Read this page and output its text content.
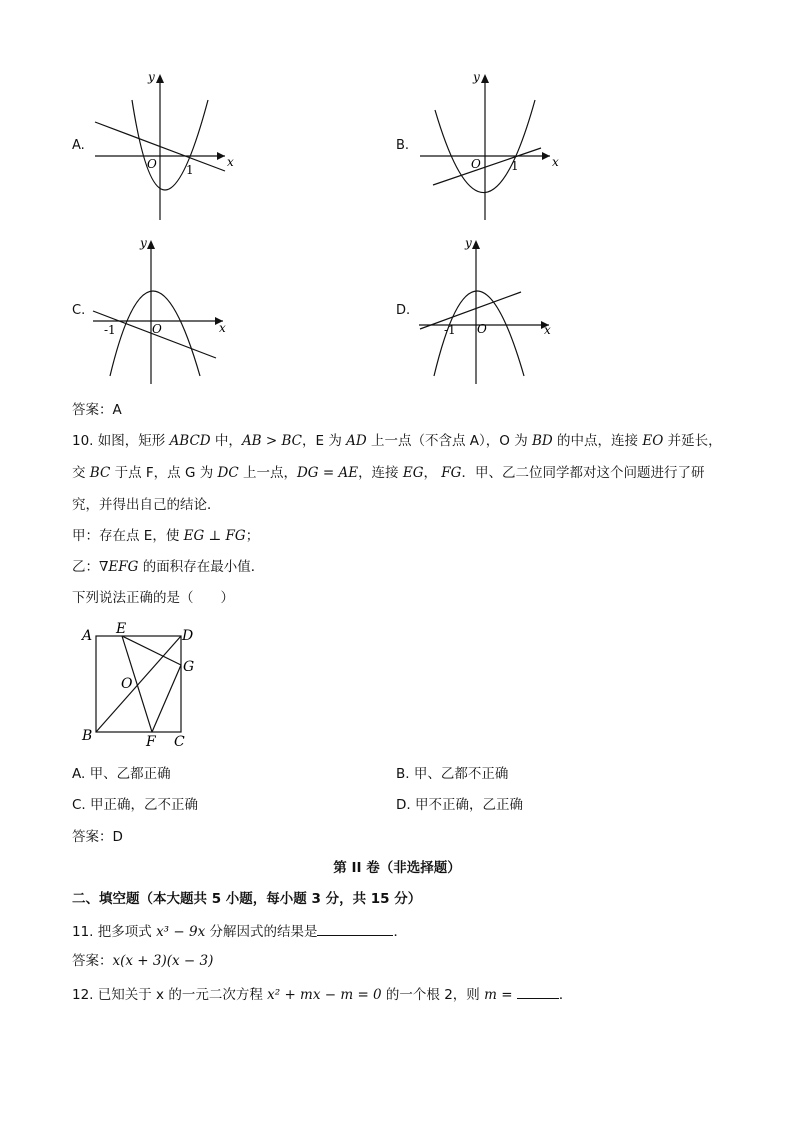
A.
x
y
O 1
B.
x
y
O	1
C.
x
y
O
-1
D.
x
y
O
-1
答案：A
10. 如图，矩形 ABCD 中，AB > BC，E 为 AD 上一点（不含点 A），O 为 BD 的中点，连接 EO 并延长，
交 BC 于点 F，点 G 为 DC 上一点，DG = AE，连接 EG， FG．甲、乙二位同学都对这个问题进行了研
究，并得出自己的结论．
甲：存在点 E，使 EG ⊥ FG；
乙：∇EFG 的面积存在最小值．
下列说法正确的是（　　）
A E	D
G
O
B	F C
A. 甲、乙都正确	B. 甲、乙都不正确
C. 甲正确，乙不正确	D. 甲不正确，乙正确
答案：D
第 II 卷（非选择题）
二、填空题（本大题共 5 小题，每小题 3 分，共 15 分）
11. 把多项式 x³ − 9x 分解因式的结果是	．
答案：x(x + 3)(x − 3)
12. 已知关于 x 的一元二次方程 x² + mx − m = 0 的一个根 2，则 m =	．
